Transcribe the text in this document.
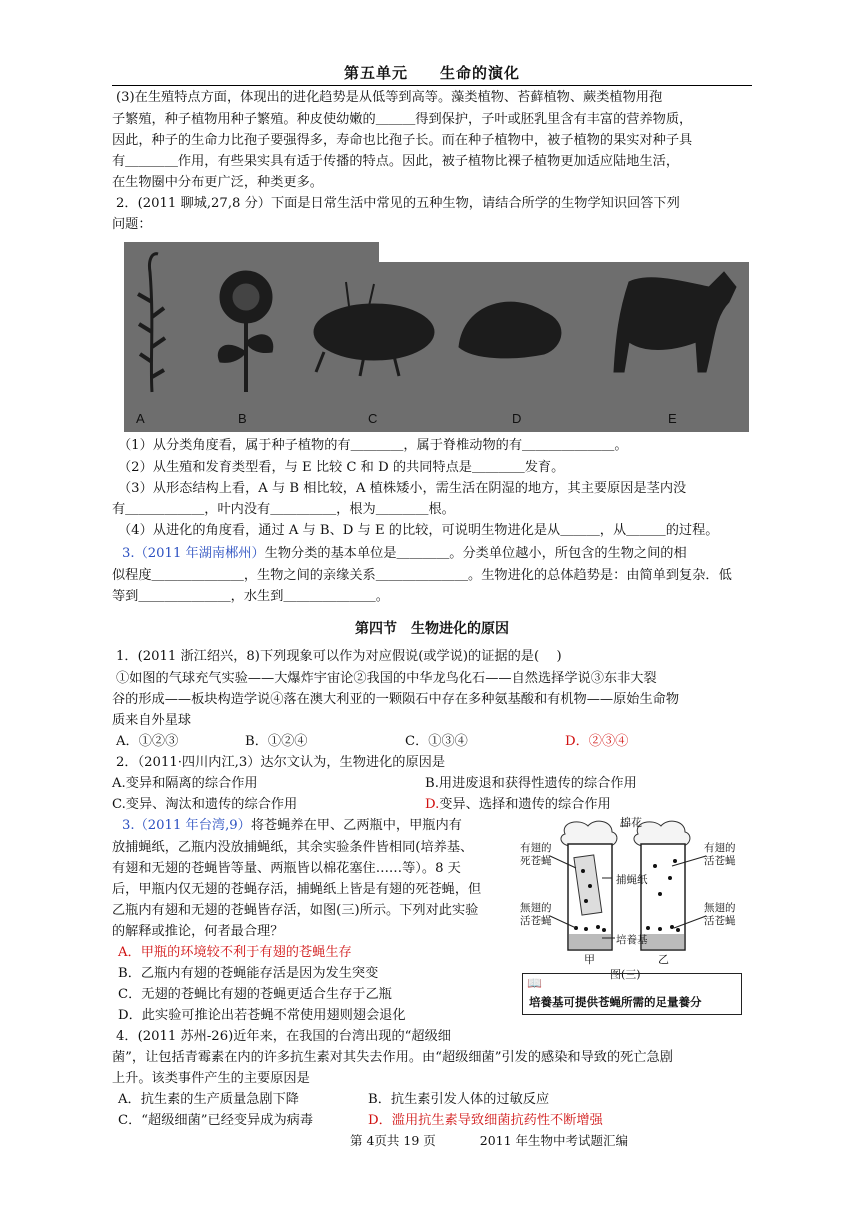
第五单元　　生命的演化
(3)在生殖特点方面，体现出的进化趋势是从低等到高等。藻类植物、苔藓植物、蕨类植物用孢
子繁殖，种子植物用种子繁殖。种皮使幼嫩的＿＿＿得到保护，子叶或胚乳里含有丰富的营养物质，
因此，种子的生命力比孢子要强得多，寿命也比孢子长。而在种子植物中，被子植物的果实对种子具
有＿＿＿＿作用，有些果实具有适于传播的特点。因此，被子植物比裸子植物更加适应陆地生活，
在生物圈中分布更广泛，种类更多。
2．(2011 聊城,27,8 分）下面是日常生活中常见的五种生物，请结合所学的生物学知识回答下列
问题：
A	B	C	D	E
（1）从分类角度看，属于种子植物的有＿＿＿＿，属于脊椎动物的有＿＿＿＿＿＿＿。
（2）从生殖和发育类型看，与 E 比较 C 和 D 的共同特点是＿＿＿＿发育。
（3）从形态结构上看，A 与 B 相比较，A 植株矮小，需生活在阴湿的地方，其主要原因是茎内没
有＿＿＿＿＿＿，叶内没有＿＿＿＿＿，根为＿＿＿＿根。
（4）从进化的角度看，通过 A 与 B、D 与 E 的比较，可说明生物进化是从＿＿＿，从＿＿＿的过程。
3.（2011 年湖南郴州）生物分类的基本单位是＿＿＿＿。分类单位越小，所包含的生物之间的相
似程度＿＿＿＿＿＿＿，生物之间的亲缘关系＿＿＿＿＿＿＿。生物进化的总体趋势是：由简单到复杂．低
等到＿＿＿＿＿＿＿，水生到＿＿＿＿＿＿＿。
第四节　生物进化的原因
1．(2011 浙江绍兴，8)下列现象可以作为对应假说(或学说)的证据的是(　 )
①如图的气球充气实验——大爆炸宇宙论②我国的中华龙鸟化石——自然选择学说③东非大裂
谷的形成——板块构造学说④落在澳大利亚的一颗陨石中存在多种氨基酸和有机物——原始生命物
质来自外星球
A．①②③	B．①②④	C．①③④	D．②③④
2．（2011·四川内江,3）达尔文认为，生物进化的原因是
A.变异和隔离的综合作用	B.用进废退和获得性遗传的综合作用
C.变异、淘汰和遗传的综合作用	D.变异、选择和遗传的综合作用
3.（2011 年台湾,9）将苍蝇养在甲、乙两瓶中，甲瓶内有
放捕蝇纸，乙瓶内没放捕蝇纸，其余实验条件皆相同(培养基、
有翅和无翅的苍蝇皆等量、两瓶皆以棉花塞住……等）。8 天
后，甲瓶内仅无翅的苍蝇存活，捕蝇纸上皆是有翅的死苍蝇，但
乙瓶内有翅和无翅的苍蝇皆存活，如图(三)所示。下列对此实验
的解释或推论，何者最合理？
A．甲瓶的环境较不利于有翅的苍蝇生存
B．乙瓶内有翅的苍蝇能存活是因为发生突变
C．无翅的苍蝇比有翅的苍蝇更适合生存于乙瓶
D．此实验可推论出若苍蝇不常使用翅则翅会退化
棉花
有翅的死苍蝇
捕蝇纸
有翅的活苍蝇
無翅的活苍蝇
培養基
無翅的活苍蝇
甲	乙
图(三)
📖
培養基可提供苍蝇所需的足量養分
4．(2011 苏州-26)近年来，在我国的台湾出现的“超级细
菌”，让包括青霉素在内的许多抗生素对其失去作用。由“超级细菌”引发的感染和导致的死亡急剧
上升。该类事件产生的主要原因是
A．抗生素的生产质量急剧下降	B．抗生素引发人体的过敏反应
C．“超级细菌”已经变异成为病毒	D．滥用抗生素导致细菌抗药性不断增强
第 4页共 19 页	2011 年生物中考试题汇编
